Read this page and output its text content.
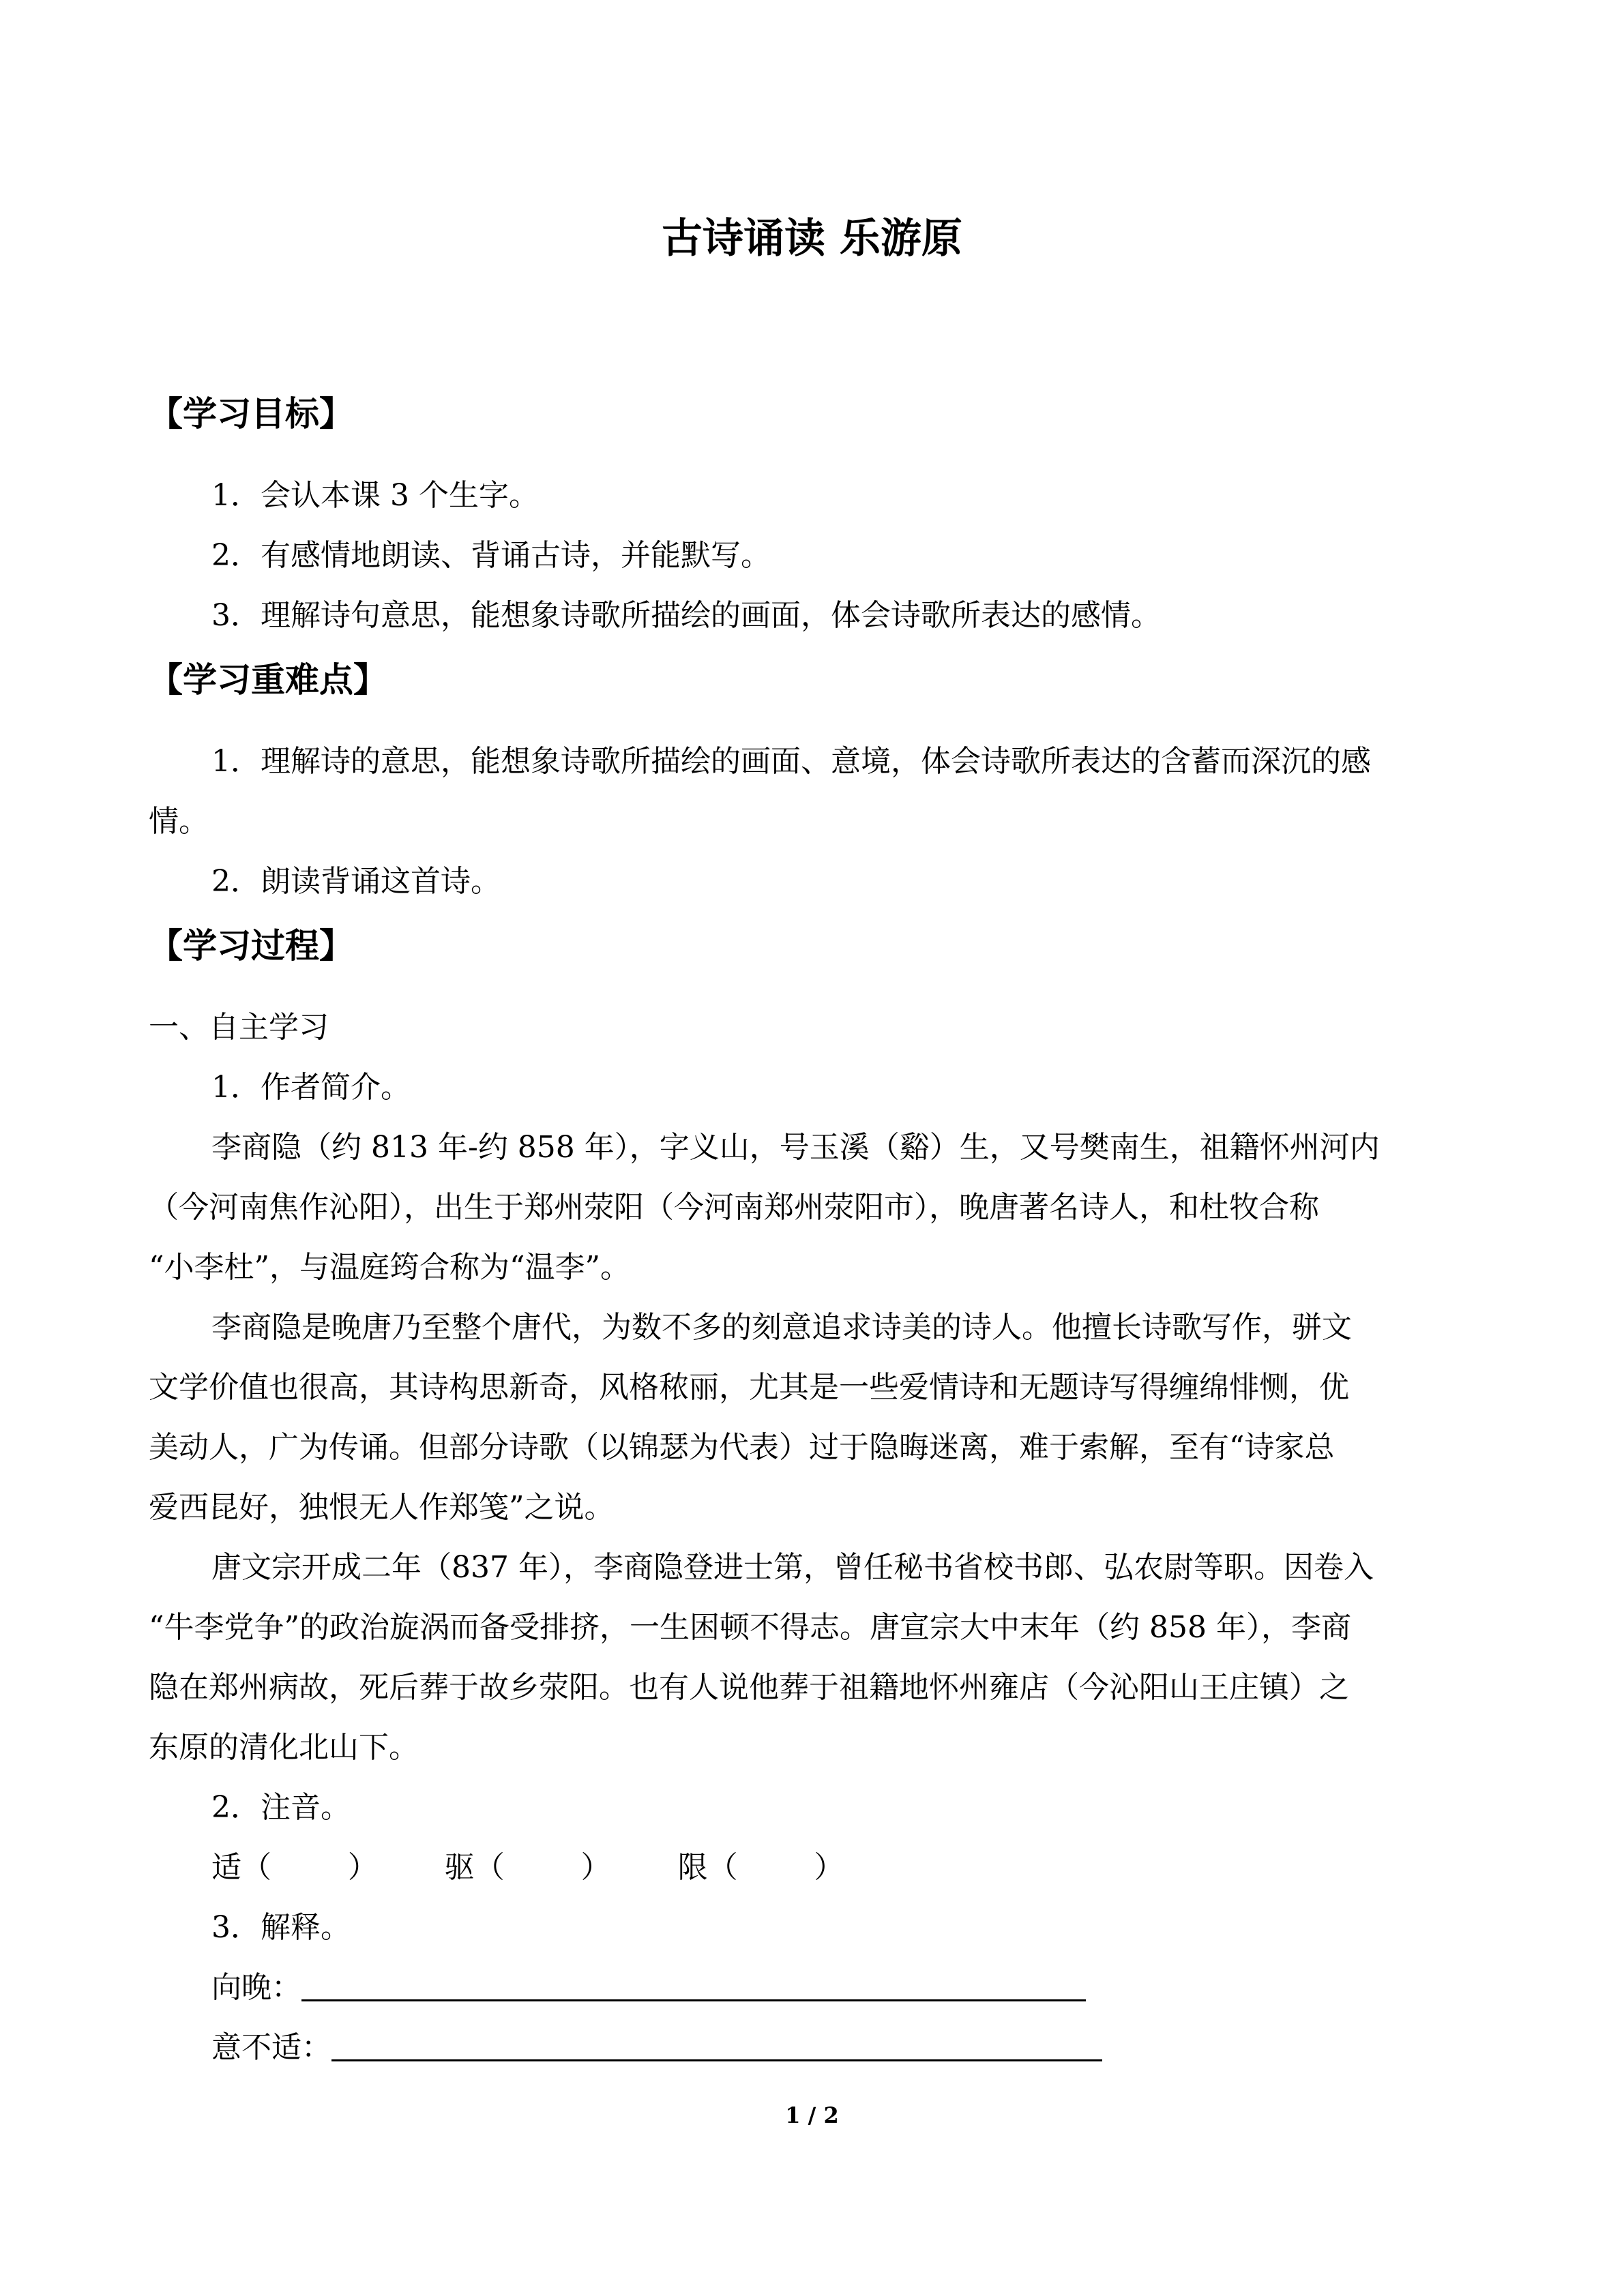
古诗诵读 乐游原
【学习目标】
1．会认本课 3 个生字。
2．有感情地朗读、背诵古诗，并能默写。
3．理解诗句意思，能想象诗歌所描绘的画面，体会诗歌所表达的感情。
【学习重难点】
1．理解诗的意思，能想象诗歌所描绘的画面、意境，体会诗歌所表达的含蓄而深沉的感
情。
2．朗读背诵这首诗。
【学习过程】
一、自主学习
1．作者简介。
李商隐（约 813 年-约 858 年），字义山，号玉溪（谿）生，又号樊南生，祖籍怀州河内
（今河南焦作沁阳），出生于郑州荥阳（今河南郑州荥阳市），晚唐著名诗人，和杜牧合称
“小李杜”，与温庭筠合称为“温李”。
李商隐是晚唐乃至整个唐代，为数不多的刻意追求诗美的诗人。他擅长诗歌写作，骈文
文学价值也很高，其诗构思新奇，风格秾丽，尤其是一些爱情诗和无题诗写得缠绵悱恻，优
美动人，广为传诵。但部分诗歌（以锦瑟为代表）过于隐晦迷离，难于索解，至有“诗家总
爱西昆好，独恨无人作郑笺”之说。
唐文宗开成二年（837 年），李商隐登进士第，曾任秘书省校书郎、弘农尉等职。因卷入
“牛李党争”的政治旋涡而备受排挤，一生困顿不得志。唐宣宗大中末年（约 858 年），李商
隐在郑州病故，死后葬于故乡荥阳。也有人说他葬于祖籍地怀州雍店（今沁阳山王庄镇）之
东原的清化北山下。
2．注音。
适（        ）       驱（        ）       限（        ）
3．解释。
向晚：
意不适：
1 / 2
